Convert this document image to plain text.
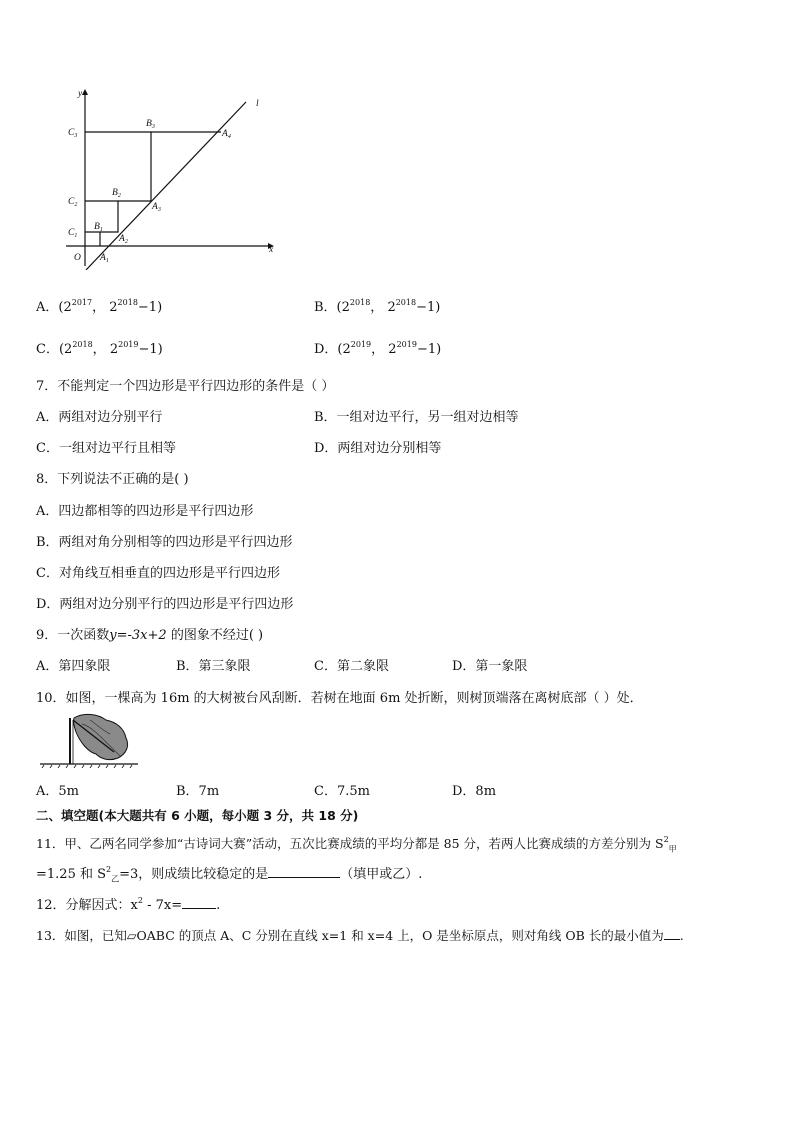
y
x
l
O
$C_3$
$C_2$
$C_1$
$B_3$
$B_2$
$B_1$
$A_4$
$A_3$
$A_2$
$A_1$
A．($2^{2017}$， $2^{2018}-1$)	B．($2^{2018}$， $2^{2018}-1$)
C．($2^{2018}$， $2^{2019}-1$)	D．($2^{2019}$， $2^{2019}-1$)
7．不能判定一个四边形是平行四边形的条件是（ ）
A．两组对边分别平行	B．一组对边平行，另一组对边相等
C．一组对边平行且相等	D．两组对边分别相等
8．下列说法不正确的是( )
A．四边都相等的四边形是平行四边形
B．两组对角分别相等的四边形是平行四边形
C．对角线互相垂直的四边形是平行四边形
D．两组对边分别平行的四边形是平行四边形
9．一次函数y=-3x+2 的图象不经过( )
A．第四象限	B．第三象限	C．第二象限	D．第一象限
10．如图，一棵高为 16m 的大树被台风刮断．若树在地面 6m 处折断，则树顶端落在离树底部（ ）处．
A．5m	B．7m	C．7.5m	D．8m
二、填空题(本大题共有 6 小题，每小题 3 分，共 18 分)
11．甲、乙两名同学参加“古诗词大赛”活动，五次比赛成绩的平均分都是 85 分，若两人比赛成绩的方差分别为 $S^2_甲$
=1.25 和 $S^2_乙=3$，则成绩比较稳定的是	（填甲或乙）.
12．分解因式：$x^2 - 7x=$	.
13．如图，已知▱OABC 的顶点 A、C 分别在直线 x=1 和 x=4 上，O 是坐标原点，则对角线 OB 长的最小值为 .
